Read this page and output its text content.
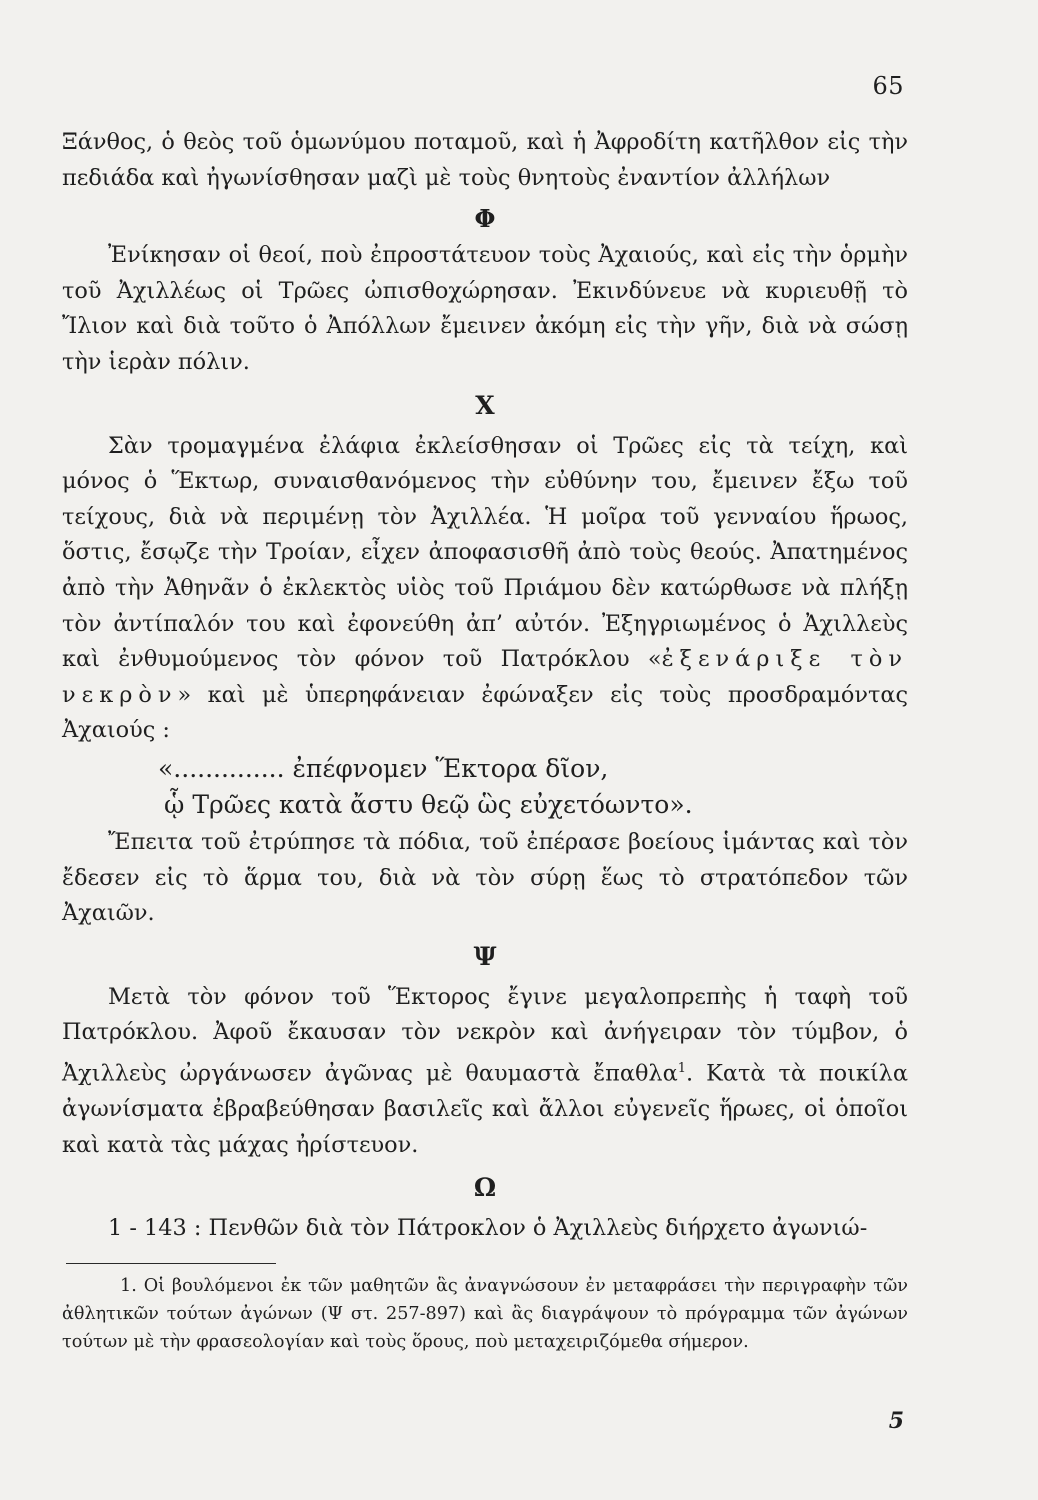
65

Ξάνθος, ὁ θεὸς τοῦ ὁμωνύμου ποταμοῦ, καὶ ἡ Ἀφροδίτη κατῆλθον εἰς τὴν πεδιάδα καὶ ἠγωνίσθησαν μαζὶ μὲ τοὺς θνητοὺς ἐναντίον ἀλλήλων

Φ

Ἐνίκησαν οἱ θεοί, ποὺ ἐπροστάτευον τοὺς Ἀχαιούς, καὶ εἰς τὴν ὁρμὴν τοῦ Ἀχιλλέως οἱ Τρῶες ὠπισθοχώρησαν. Ἐκινδύνευε νὰ κυριευθῇ τὸ Ἴλιον καὶ διὰ τοῦτο ὁ Ἀπόλλων ἔμεινεν ἀκόμη εἰς τὴν γῆν, διὰ νὰ σώσῃ τὴν ἱερὰν πόλιν.

Χ

Σὰν τρομαγμένα ἐλάφια ἐκλείσθησαν οἱ Τρῶες εἰς τὰ τείχη, καὶ μόνος ὁ Ἕκτωρ, συναισθανόμενος τὴν εὐθύνην του, ἔμεινεν ἔξω τοῦ τείχους, διὰ νὰ περιμένῃ τὸν Ἀχιλλέα. Ἡ μοῖρα τοῦ γενναίου ἥρωος, ὅστις, ἔσῳζε τὴν Τροίαν, εἶχεν ἀποφασισθῆ ἀπὸ τοὺς θεούς. Ἀπατημένος ἀπὸ τὴν Ἀθηνᾶν ὁ ἐκλεκτὸς υἱὸς τοῦ Πριάμου δὲν κατώρθωσε νὰ πλήξῃ τὸν ἀντίπαλόν του καὶ ἐφονεύθη ἀπ’ αὐτόν. Ἐξηγριωμένος ὁ Ἀχιλλεὺς καὶ ἐνθυμούμενος τὸν φόνον τοῦ Πατρόκλου «ἐξενάριξε τὸν νεκρὸν» καὶ μὲ ὑπερηφάνειαν ἐφώναξεν εἰς τοὺς προσδραμόντας Ἀχαιούς :

«.............. ἐπέφνομεν Ἕκτορα δῖον,
ᾧ Τρῶες κατὰ ἄστυ θεῷ ὣς εὐχετόωντο».

Ἔπειτα τοῦ ἐτρύπησε τὰ πόδια, τοῦ ἐπέρασε βοείους ἱμάντας καὶ τὸν ἔδεσεν εἰς τὸ ἅρμα του, διὰ νὰ τὸν σύρῃ ἕως τὸ στρατόπεδον τῶν Ἀχαιῶν.

Ψ

Μετὰ τὸν φόνον τοῦ Ἕκτορος ἔγινε μεγαλοπρεπὴς ἡ ταφὴ τοῦ Πατρόκλου. Ἀφοῦ ἔκαυσαν τὸν νεκρὸν καὶ ἀνήγειραν τὸν τύμβον, ὁ Ἀχιλλεὺς ὠργάνωσεν ἀγῶνας μὲ θαυμαστὰ ἔπαθλα$^1$. Κατὰ τὰ ποικίλα ἀγωνίσματα ἐβραβεύθησαν βασιλεῖς καὶ ἄλλοι εὐγενεῖς ἥρωες, οἱ ὁποῖοι καὶ κατὰ τὰς μάχας ἠρίστευον.

Ω

1 - 143 : Πενθῶν διὰ τὸν Πάτροκλον ὁ Ἀχιλλεὺς διήρχετο ἀγωνιώ-

1. Οἱ βουλόμενοι ἐκ τῶν μαθητῶν ἃς ἀναγνώσουν ἐν μεταφράσει τὴν περιγραφὴν τῶν ἀθλητικῶν τούτων ἀγώνων (Ψ στ. 257-897) καὶ ἂς διαγράψουν τὸ πρόγραμμα τῶν ἀγώνων τούτων μὲ τὴν φρασεολογίαν καὶ τοὺς ὅρους, ποὺ μεταχειριζόμεθα σήμερον.

5
